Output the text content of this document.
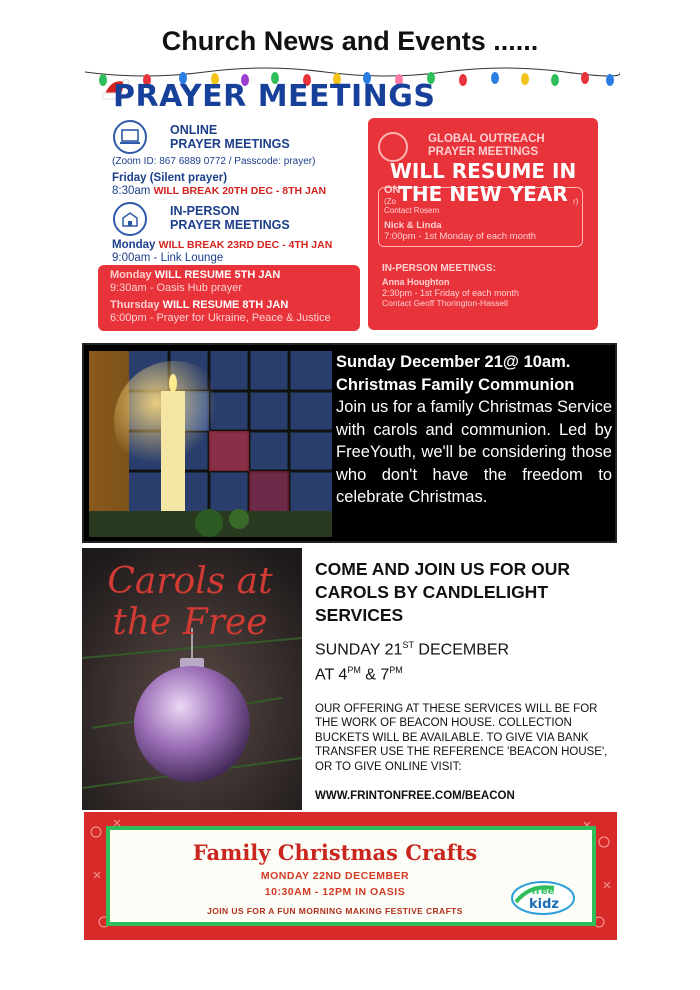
Church News and Events ......
PRAYER MEETINGS
ONLINE
PRAYER MEETINGS
(Zoom ID: 867 6889 0772 / Passcode: prayer)
Friday (Silent prayer)
8:30am WILL BREAK 20TH DEC - 8TH JAN
IN-PERSON
PRAYER MEETINGS
Monday WILL BREAK 23RD DEC - 4TH JAN
9:00am - Link Lounge
Monday WILL RESUME 5TH JAN
9:30am - Oasis Hub prayer
Thursday WILL RESUME 8TH JAN
6:00pm - Prayer for Ukraine, Peace & Justice
GLOBAL OUTREACH
PRAYER MEETINGS
ON
(Zo	r)
Contact Rosem
Nick & Linda
7:00pm - 1st Monday of each month
WILL RESUME IN THE NEW YEAR
IN-PERSON MEETINGS:
Anna Houghton
2:30pm - 1st Friday of each month
Contact Geoff Thorington-Hassell
Sunday December 21@ 10am.
Christmas Family Communion
Join us for a family Christmas Service with carols and communion. Led by FreeYouth, we'll be considering those who don't have the freedom to celebrate Christmas.
Carols at
the Free
COME AND JOIN US FOR OUR CAROLS BY CANDLELIGHT SERVICES
SUNDAY 21ST DECEMBER
AT $4^{PM}$ & $7^{PM}$
OUR OFFERING AT THESE SERVICES WILL BE FOR THE WORK OF BEACON HOUSE. COLLECTION BUCKETS WILL BE AVAILABLE. TO GIVE VIA BANK TRANSFER USE THE REFERENCE 'BEACON HOUSE', OR TO GIVE ONLINE VISIT:
WWW.FRINTONFREE.COM/BEACON
Family Christmas Crafts
MONDAY 22ND DECEMBER
10:30AM - 12PM IN OASIS
JOIN US FOR A FUN MORNING MAKING FESTIVE CRAFTS
free
kidz
